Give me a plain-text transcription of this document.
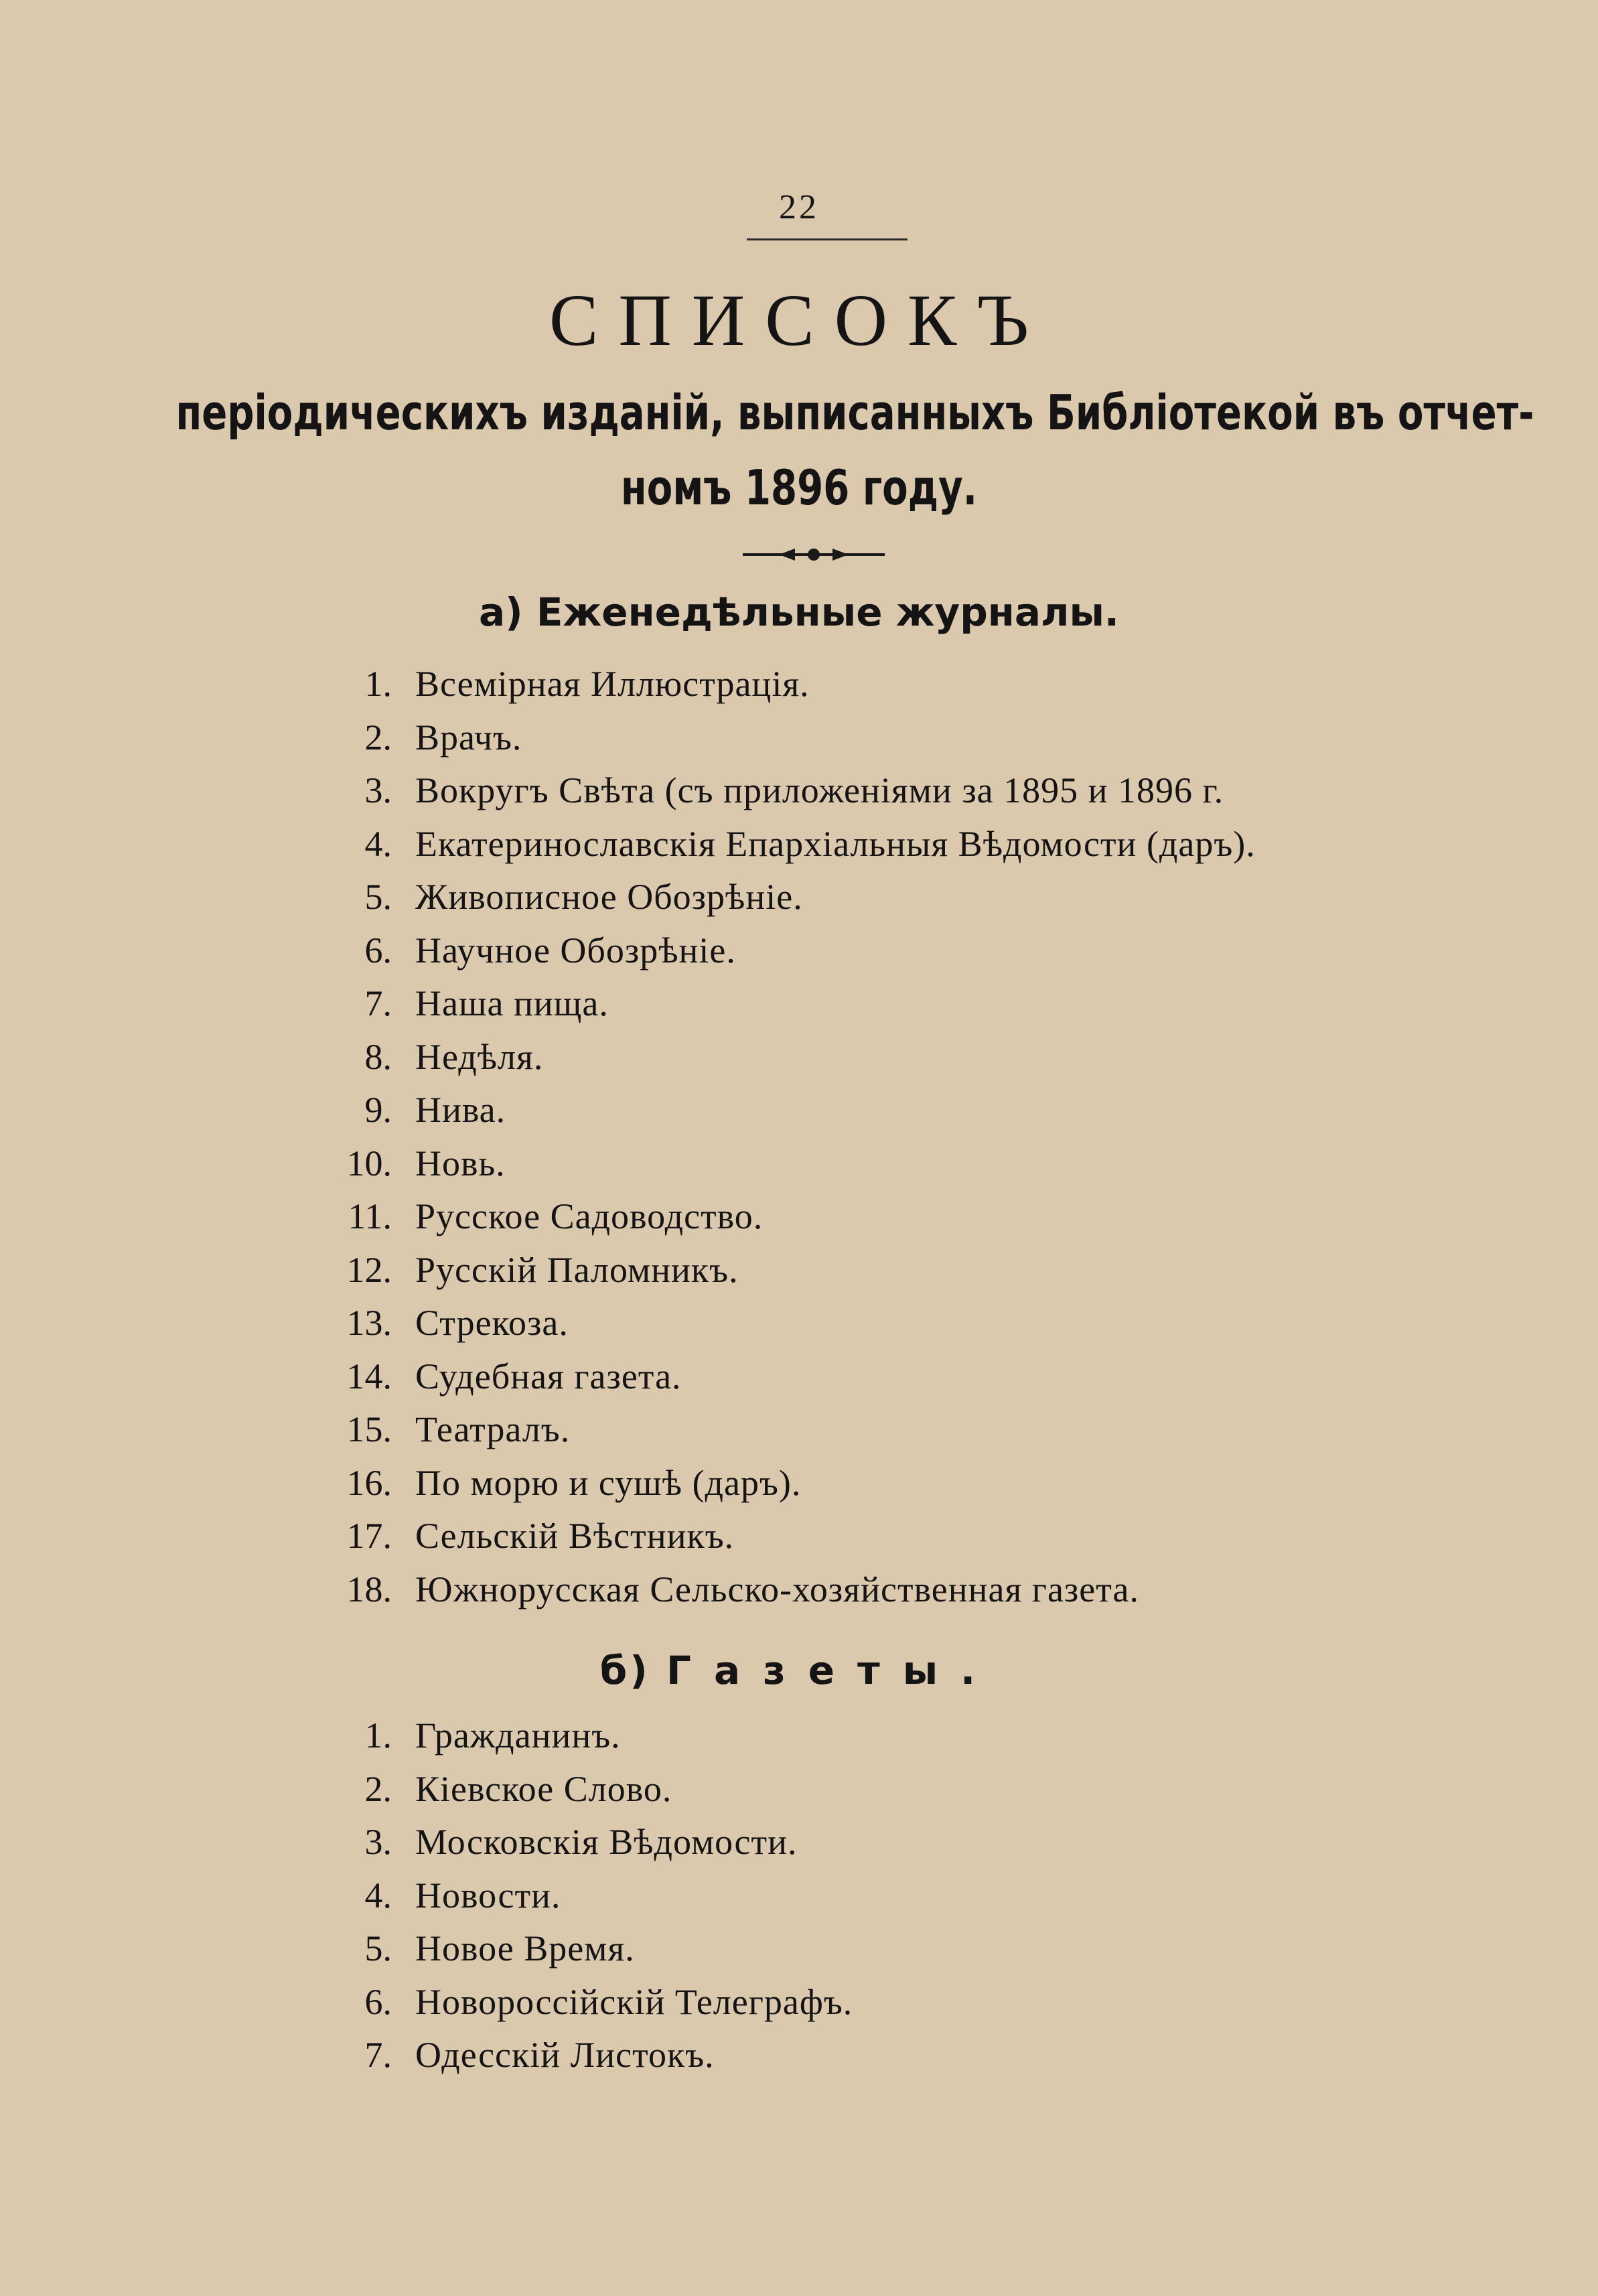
22
СПИСОКЪ
періодическихъ изданій, выписанныхъ Библіотекой въ отчет-
номъ 1896 году.
а) Еженедѣльные журналы.
1. Всемірная Иллюстрація.
2. Врачъ.
3. Вокругъ Свѣта (съ приложеніями за 1895 и 1896 г.
4. Екатеринославскія Епархіальныя Вѣдомости (даръ).
5. Живописное Обозрѣніе.
6. Научное Обозрѣніе.
7. Наша пища.
8. Недѣля.
9. Нива.
10. Новь.
11. Русское Садоводство.
12. Русскій Паломникъ.
13. Стрекоза.
14. Судебная газета.
15. Театралъ.
16. По морю и сушѣ (даръ).
17. Сельскій Вѣстникъ.
18. Южнорусская Сельско-хозяйственная газета.
б) Газеты.
1. Гражданинъ.
2. Кіевское Слово.
3. Московскія Вѣдомости.
4. Новости.
5. Новое Время.
6. Новороссійскій Телеграфъ.
7. Одесскій Листокъ.
